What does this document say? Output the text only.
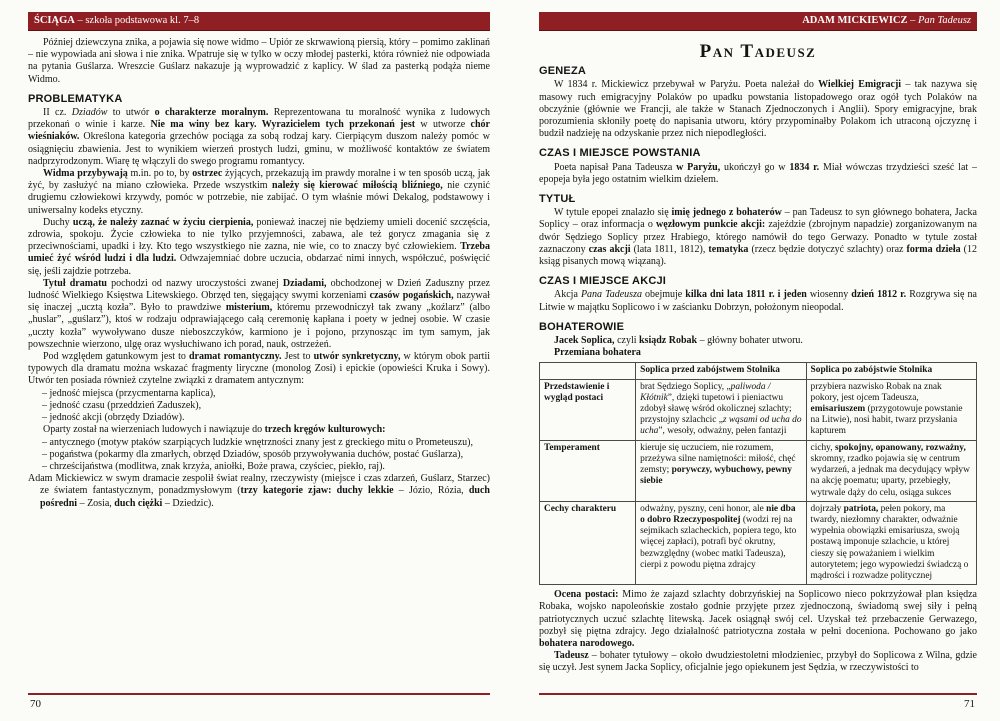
ŚCIĄGA – szkoła podstawowa kl. 7–8

Później dziewczyna znika, a pojawia się nowe widmo – Upiór ze skrwawioną piersią, który – pomimo zaklinań – nie wypowiada ani słowa i nie znika. Wpatruje się w tylko w oczy młodej pasterki, która również nie odpowiada na pytania Guślarza. Wreszcie Guślarz nakazuje ją wyprowadzić z kaplicy. W ślad za pasterką podąża nieme Widmo.

PROBLEMATYKA

II cz. Dziadów to utwór o charakterze moralnym. Reprezentowana tu moralność wynika z ludowych przekonań o winie i karze. Nie ma winy bez kary. Wyrazicielem tych przekonań jest w utworze chór wieśniaków. Określona kategoria grzechów pociąga za sobą rodzaj kary. Cierpiącym duszom należy pomóc w osiągnięciu zbawienia. Jest to wynikiem wierzeń prostych ludzi, gminu, w możliwość kontaktów ze światem nadprzyrodzonym. Wiarę tę włączyli do swego programu romantycy.

Widma przybywają m.in. po to, by ostrzec żyjących, przekazują im prawdy moralne i w ten sposób uczą, jak żyć, by zasłużyć na miano człowieka. Przede wszystkim należy się kierować miłością bliźniego, nie czynić drugiemu człowiekowi krzywdy, pomóc w potrzebie, nie zabijać. O tym właśnie mówi Dekalog, podstawowy i uniwersalny kodeks etyczny.

Duchy uczą, że należy zaznać w życiu cierpienia, ponieważ inaczej nie będziemy umieli docenić szczęścia, zdrowia, spokoju. Życie człowieka to nie tylko przyjemności, zabawa, ale też gorycz zmagania się z przeciwnościami, upadki i łzy. Kto tego wszystkiego nie zazna, nie wie, co to znaczy być człowiekiem. Trzeba umieć żyć wśród ludzi i dla ludzi. Odwzajemniać dobre uczucia, obdarzać nimi innych, współczuć, poświęcić się, jeśli zajdzie potrzeba.

Tytuł dramatu pochodzi od nazwy uroczystości zwanej Dziadami, obchodzonej w Dzień Zaduszny przez ludność Wielkiego Księstwa Litewskiego. Obrzęd ten, sięgający swymi korzeniami czasów pogańskich, nazywał się inaczej „ucztą kozła”. Było to prawdziwe misterium, któremu przewodniczył tak zwany „koźlarz” (albo „huslar”, „guślarz”), ktoś w rodzaju odprawiającego całą ceremonię kapłana i poety w jednej osobie. W czasie „uczty kozła” wywoływano dusze nieboszczyków, karmiono je i pojono, przynosząc im tym samym, jak powszechnie wierzono, ulgę oraz wysłuchiwano ich porad, nauk, ostrzeżeń.

Pod względem gatunkowym jest to dramat romantyczny. Jest to utwór synkretyczny, w którym obok partii typowych dla dramatu można wskazać fragmenty liryczne (monolog Zosi) i epickie (opowieści Kruka i Sowy). Utwór ten posiada również czytelne związki z dramatem antycznym:

– jedność miejsca (przycmentarna kaplica),
– jedność czasu (przeddzień Zaduszek),
– jedność akcji (obrzędy Dziadów).

Oparty został na wierzeniach ludowych i nawiązuje do trzech kręgów kulturowych:

– antycznego (motyw ptaków szarpiących ludzkie wnętrzności znany jest z greckiego mitu o Prometeuszu),
– pogaństwa (pokarmy dla zmarłych, obrzęd Dziadów, sposób przywoływania duchów, postać Guślarza),
– chrześcijaństwa (modlitwa, znak krzyża, aniołki, Boże prawa, czyściec, piekło, raj).

Adam Mickiewicz w swym dramacie zespolił świat realny, rzeczywisty (miejsce i czas zdarzeń, Guślarz, Starzec) ze światem fantastycznym, ponadzmysłowym (trzy kategorie zjaw: duchy lekkie – Józio, Rózia, duch pośredni – Zosia, duch ciężki – Dziedzic).

70
ADAM MICKIEWICZ – Pan Tadeusz
Pan Tadeusz
GENEZA

W 1834 r. Mickiewicz przebywał w Paryżu. Poeta należał do Wielkiej Emigracji – tak nazywa się masowy ruch emigracyjny Polaków po upadku powstania listopadowego oraz ogół tych Polaków na obczyźnie (głównie we Francji, ale także w Stanach Zjednoczonych i Anglii). Spory emigracyjne, brak porozumienia skłoniły poetę do napisania utworu, który przypominałby Polakom ich utraconą ojczyznę i budził nadzieję na odzyskanie przez nich niepodległości.

CZAS I MIEJSCE POWSTANIA

Poeta napisał Pana Tadeusza w Paryżu, ukończył go w 1834 r. Miał wówczas trzydzieści sześć lat – epopeja była jego ostatnim wielkim dziełem.

TYTUŁ

W tytule epopei znalazło się imię jednego z bohaterów – pan Tadeusz to syn głównego bohatera, Jacka Soplicy – oraz informacja o węzłowym punkcie akcji: zajeździe (zbrojnym napadzie) zorganizowanym na dwór Sędziego Soplicy przez Hrabiego, którego namówił do tego Gerwazy. Ponadto w tytule został zaznaczony czas akcji (lata 1811, 1812), tematyka (rzecz będzie dotyczyć szlachty) oraz forma dzieła (12 ksiąg pisanych mową wiązaną).

CZAS I MIEJSCE AKCJI

Akcja Pana Tadeusza obejmuje kilka dni lata 1811 r. i jeden wiosenny dzień 1812 r. Rozgrywa się na Litwie w majątku Soplicowo i w zaścianku Dobrzyn, położonym nieopodal.

BOHATEROWIE

Jacek Soplica, czyli ksiądz Robak – główny bohater utworu.

Przemiana bohatera

	Soplica przed zabójstwem Stolnika	Soplica po zabójstwie Stolnika
Przedstawienie i wygląd postaci	brat Sędziego Soplicy, „paliwoda / Kłótnik”, dzięki tupetowi i pieniactwu zdobył sławę wśród okolicznej szlachty; przystojny szlachcic „z wąsami od ucha do ucha”, wesoły, odważny, pełen fantazji	przybiera nazwisko Robak na znak pokory, jest ojcem Tadeusza, emisariuszem (przygotowuje powstanie na Litwie), nosi habit, twarz przysłania kapturem
Temperament	kieruje się uczuciem, nie rozumem, przeżywa silne namiętności: miłość, chęć zemsty; porywczy, wybuchowy, pewny siebie	cichy, spokojny, opanowany, rozważny, skromny, rzadko pojawia się w centrum wydarzeń, a jednak ma decydujący wpływ na akcję poematu; uparty, przebiegły, wytrwale dąży do celu, osiąga sukces
Cechy charakteru	odważny, pyszny, ceni honor, ale nie dba o dobro Rzeczypospolitej (wodzi rej na sejmikach szlacheckich, popiera tego, kto więcej zapłaci), potrafi być okrutny, bezwzględny (wobec matki Tadeusza), cierpi z powodu piętna zdrajcy	dojrzały patriota, pełen pokory, ma twardy, niezłomny charakter, odważnie wypełnia obowiązki emisariusza, swoją postawą imponuje szlachcie, u której cieszy się poważaniem i wielkim autorytetem; jego wypowiedzi świadczą o mądrości i rozwadze politycznej

Ocena postaci: Mimo że zajazd szlachty dobrzyńskiej na Soplicowo nieco pokrzyżował plan księdza Robaka, wojsko napoleońskie zostało godnie przyjęte przez zjednoczoną, świadomą swej siły i pełną patriotycznych uczuć szlachtę litewską. Jacek osiągnął swój cel. Uzyskał też przebaczenie Gerwazego, pozbył się piętna zdrajcy. Jego działalność patriotyczna została w pełni doceniona. Pochowano go jako bohatera narodowego.

Tadeusz – bohater tytułowy – około dwudziestoletni młodzieniec, przybył do Soplicowa z Wilna, gdzie się uczył. Jest synem Jacka Soplicy, oficjalnie jego opiekunem jest Sędzia, w rzeczywistości to

71
